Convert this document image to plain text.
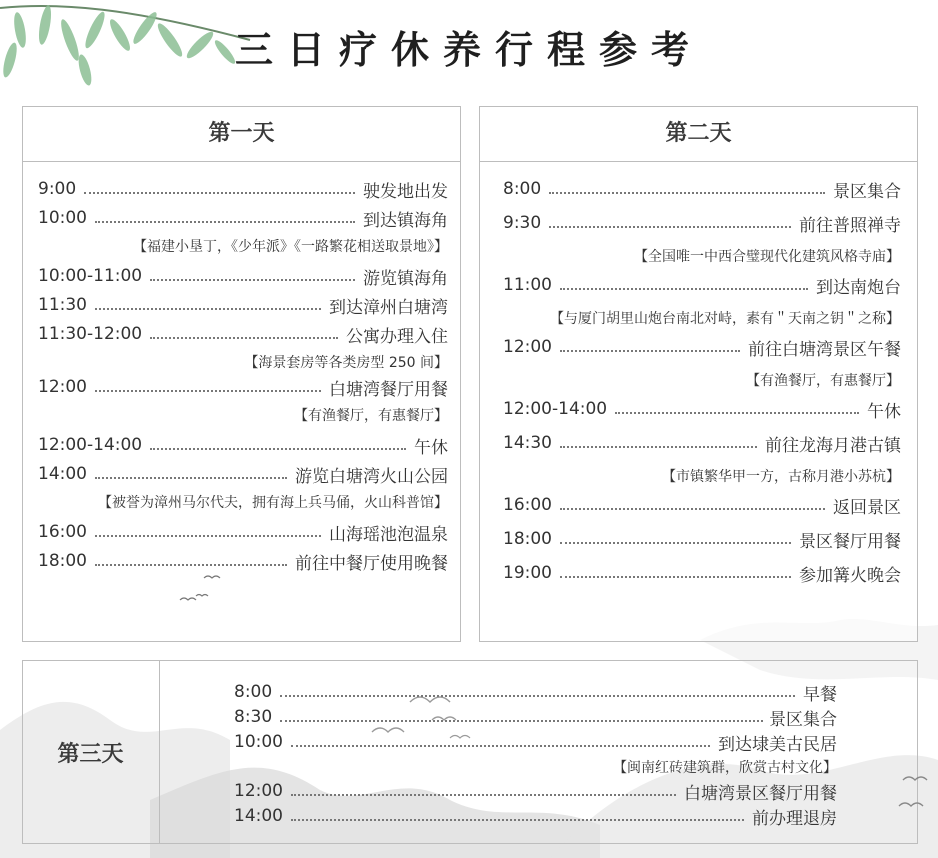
三日疗休养行程参考
第一天
9:00	驶发地出发
10:00	到达镇海角
【福建小垦丁，《少年派》《一路繁花相送取景地》】
10:00-11:00	游览镇海角
11:30	到达漳州白塘湾
11:30-12:00	公寓办理入住
【海景套房等各类房型 250 间】
12:00	白塘湾餐厅用餐
【有渔餐厅，有惠餐厅】
12:00-14:00	午休
14:00	游览白塘湾火山公园
【被誉为漳州马尔代夫，拥有海上兵马俑，火山科普馆】
16:00	山海瑶池泡温泉
18:00	前往中餐厅使用晚餐
第二天
8:00	景区集合
9:30	前往普照禅寺
【全国唯一中西合璧现代化建筑风格寺庙】
11:00	到达南炮台
【与厦门胡里山炮台南北对峙，素有＂天南之钥＂之称】
12:00	前往白塘湾景区午餐
【有渔餐厅，有惠餐厅】
12:00-14:00	午休
14:30	前往龙海月港古镇
【市镇繁华甲一方，古称月港小苏杭】
16:00	返回景区
18:00	景区餐厅用餐
19:00	参加篝火晚会
第三天
8:00	早餐
8:30	景区集合
10:00	到达埭美古民居
【闽南红砖建筑群，欣赏古村文化】
12:00	白塘湾景区餐厅用餐
14:00	前办理退房
